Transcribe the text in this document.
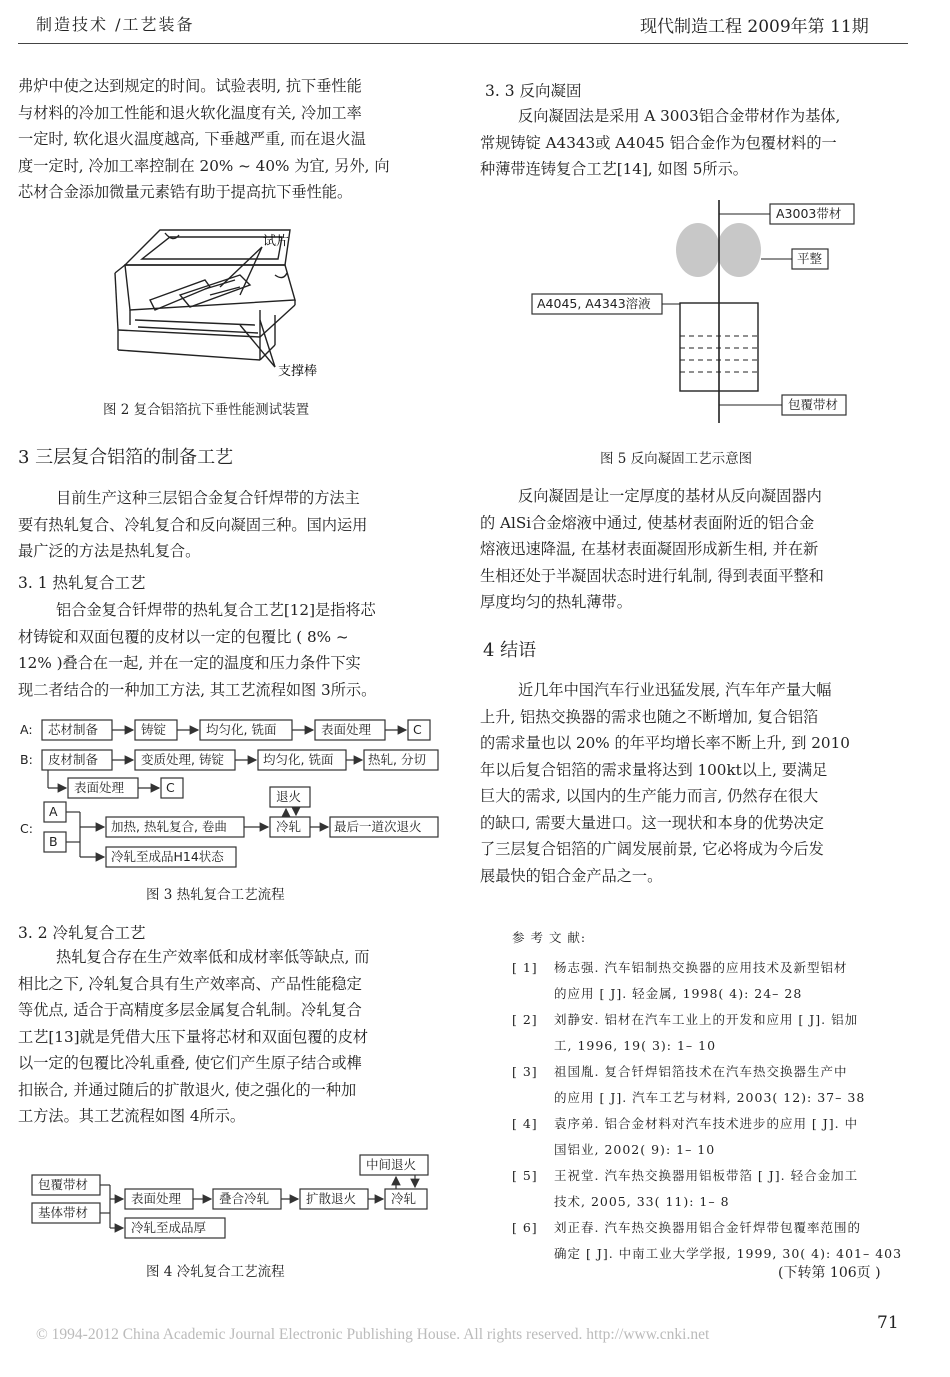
制造技术 /工艺装备	现代制造工程 2009年第 11期
弗炉中使之达到规定的时间。试验表明, 抗下垂性能
与材料的冷加工性能和退火软化温度有关, 冷加工率
一定时, 软化退火温度越高, 下垂越严重, 而在退火温
度一定时, 冷加工率控制在 20% ~ 40% 为宜, 另外, 向
芯材合金添加微量元素锆有助于提高抗下垂性能。
试片
支撑棒
图 2 复合铝箔抗下垂性能测试装置
3 三层复合铝箔的制备工艺
目前生产这种三层铝合金复合钎焊带的方法主
要有热轧复合、冷轧复合和反向凝固三种。国内运用
最广泛的方法是热轧复合。
3. 1 热轧复合工艺
铝合金复合钎焊带的热轧复合工艺[12]是指将芯
材铸锭和双面包覆的皮材以一定的包覆比 ( 8% ~
12% )叠合在一起, 并在一定的温度和压力条件下实
现二者结合的一种加工方法, 其工艺流程如图 3所示。
A: 芯材制备	铸锭	均匀化, 铣面	表面处理	C
B: 皮材制备	变质处理, 铸锭	均匀化, 铣面	热轧, 分切
表面处理	C
C:
A
B
加热, 热轧复合, 卷曲	冷轧
退火
最后一道次退火
冷轧至成品H14状态
图 3 热轧复合工艺流程
3. 2 冷轧复合工艺
热轧复合存在生产效率低和成材率低等缺点, 而
相比之下, 冷轧复合具有生产效率高、产品性能稳定
等优点, 适合于高精度多层金属复合轧制。冷轧复合
工艺[13]就是凭借大压下量将芯材和双面包覆的皮材
以一定的包覆比冷轧重叠, 使它们产生原子结合或榫
扣嵌合, 并通过随后的扩散退火, 使之强化的一种加
工方法。其工艺流程如图 4所示。
包覆带材
基体带材
表面处理	叠合冷轧	扩散退火	冷轧
中间退火
冷轧至成品厚
图 4 冷轧复合工艺流程
3. 3 反向凝固
反向凝固法是采用 A 3003铝合金带材作为基体,
常规铸锭 A4343或 A4045 铝合金作为包覆材料的一
种薄带连铸复合工艺[14], 如图 5所示。
A3003带材
平整
A4045, A4343溶液
包覆带材
图 5 反向凝固工艺示意图
反向凝固是让一定厚度的基材从反向凝固器内
的 AlSi合金熔液中通过, 使基材表面附近的铝合金
熔液迅速降温, 在基材表面凝固形成新生相, 并在新
生相还处于半凝固状态时进行轧制, 得到表面平整和
厚度均匀的热轧薄带。
4 结语
近几年中国汽车行业迅猛发展, 汽车年产量大幅
上升, 铝热交换器的需求也随之不断增加, 复合铝箔
的需求量也以 20% 的年平均增长率不断上升, 到 2010
年以后复合铝箔的需求量将达到 100kt以上, 要满足
巨大的需求, 以国内的生产能力而言, 仍然存在很大
的缺口, 需要大量进口。这一现状和本身的优势决定
了三层复合铝箔的广阔发展前景, 它必将成为今后发
展最快的铝合金产品之一。
参 考 文 献:
[ 1] 杨志强. 汽车铝制热交换器的应用技术及新型铝材
的应用 [ J]. 轻金属, 1998( 4): 24– 28
[ 2] 刘静安. 铝材在汽车工业上的开发和应用 [ J]. 铝加
工, 1996, 19( 3): 1– 10
[ 3] 祖国胤. 复合钎焊铝箔技术在汽车热交换器生产中
的应用 [ J]. 汽车工艺与材料, 2003( 12): 37– 38
[ 4] 袁序弟. 铝合金材料对汽车技术进步的应用 [ J]. 中
国铝业, 2002( 9): 1– 10
[ 5] 王祝堂. 汽车热交换器用铝板带箔 [ J]. 轻合金加工
技术, 2005, 33( 11): 1– 8
[ 6] 刘正春. 汽车热交换器用铝合金钎焊带包覆率范围的
确定 [ J]. 中南工业大学学报, 1999, 30( 4): 401– 403
(下转第 106页 )
© 1994-2012 China Academic Journal Electronic Publishing House. All rights reserved. http://www.cnki.net
71
